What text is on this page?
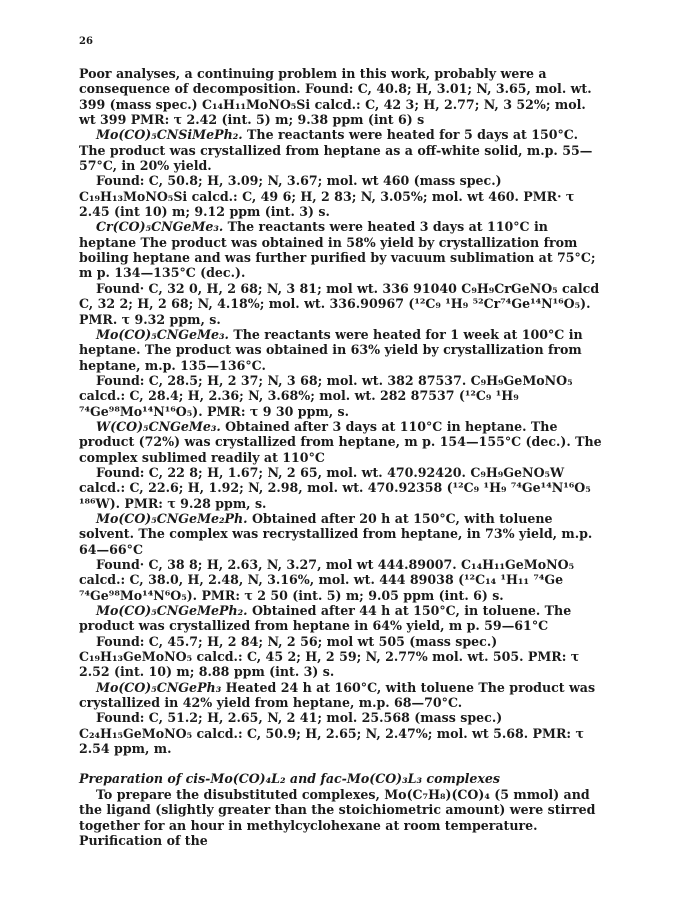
26

Poor analyses, a continuing problem in this work, probably were a consequence of decomposition. Found: C, 40.8; H, 3.01; N, 3.65, mol. wt. 399 (mass spec.) C₁₄H₁₁MoNO₅Si calcd.: C, 42 3; H, 2.77; N, 3 52%; mol. wt 399 PMR: τ 2.42 (int. 5) m; 9.38 ppm (int 6) s

Mo(CO)₅CNSiMePh₂. The reactants were heated for 5 days at 150°C. The product was crystallized from heptane as a off-white solid, m.p. 55—57°C, in 20% yield.

Found: C, 50.8; H, 3.09; N, 3.67; mol. wt 460 (mass spec.) C₁₉H₁₃MoNO₅Si calcd.: C, 49 6; H, 2 83; N, 3.05%; mol. wt 460. PMR· τ 2.45 (int 10) m; 9.12 ppm (int. 3) s.

Cr(CO)₅CNGeMe₃. The reactants were heated 3 days at 110°C in heptane The product was obtained in 58% yield by crystallization from boiling heptane and was further purified by vacuum sublimation at 75°C; m p. 134—135°C (dec.).

Found· C, 32 0, H, 2 68; N, 3 81; mol wt. 336 91040 C₉H₉CrGeNO₅ calcd C, 32 2; H, 2 68; N, 4.18%; mol. wt. 336.90967 (¹²C₉ ¹H₉ ⁵²Cr⁷⁴Ge¹⁴N¹⁶O₅). PMR. τ 9.32 ppm, s.

Mo(CO)₅CNGeMe₃. The reactants were heated for 1 week at 100°C in heptane. The product was obtained in 63% yield by crystallization from heptane, m.p. 135—136°C.

Found: C, 28.5; H, 2 37; N, 3 68; mol. wt. 382 87537. C₉H₉GeMoNO₅ calcd.: C, 28.4; H, 2.36; N, 3.68%; mol. wt. 282 87537 (¹²C₉ ¹H₉ ⁷⁴Ge⁹⁸Mo¹⁴N¹⁶O₅). PMR: τ 9 30 ppm, s.

W(CO)₅CNGeMe₃. Obtained after 3 days at 110°C in heptane. The product (72%) was crystallized from heptane, m p. 154—155°C (dec.). The complex sublimed readily at 110°C

Found: C, 22 8; H, 1.67; N, 2 65, mol. wt. 470.92420. C₉H₉GeNO₅W calcd.: C, 22.6; H, 1.92; N, 2.98, mol. wt. 470.92358 (¹²C₉ ¹H₉ ⁷⁴Ge¹⁴N¹⁶O₅ ¹⁸⁶W). PMR: τ 9.28 ppm, s.

Mo(CO)₅CNGeMe₂Ph. Obtained after 20 h at 150°C, with toluene solvent. The complex was recrystallized from heptane, in 73% yield, m.p. 64—66°C

Found· C, 38 8; H, 2.63, N, 3.27, mol wt 444.89007. C₁₄H₁₁GeMoNO₅ calcd.: C, 38.0, H, 2.48, N, 3.16%, mol. wt. 444 89038 (¹²C₁₄ ¹H₁₁ ⁷⁴Ge ⁷⁴Ge⁹⁸Mo¹⁴N⁶O₅). PMR: τ 2 50 (int. 5) m; 9.05 ppm (int. 6) s.

Mo(CO)₅CNGeMePh₂. Obtained after 44 h at 150°C, in toluene. The product was crystallized from heptane in 64% yield, m p. 59—61°C

Found: C, 45.7; H, 2 84; N, 2 56; mol wt 505 (mass spec.) C₁₉H₁₃GeMoNO₅ calcd.: C, 45 2; H, 2 59; N, 2.77% mol. wt. 505. PMR: τ 2.52 (int. 10) m; 8.88 ppm (int. 3) s.

Mo(CO)₅CNGePh₃ Heated 24 h at 160°C, with toluene The product was crystallized in 42% yield from heptane, m.p. 68—70°C.

Found: C, 51.2; H, 2.65, N, 2 41; mol. 25.568 (mass spec.) C₂₄H₁₅GeMoNO₅ calcd.: C, 50.9; H, 2.65; N, 2.47%; mol. wt 5.68. PMR: τ 2.54 ppm, m.

Preparation of cis-Mo(CO)₄L₂ and fac-Mo(CO)₃L₃ complexes

To prepare the disubstituted complexes, Mo(C₇H₈)(CO)₄ (5 mmol) and the ligand (slightly greater than the stoichiometric amount) were stirred together for an hour in methylcyclohexane at room temperature. Purification of the
